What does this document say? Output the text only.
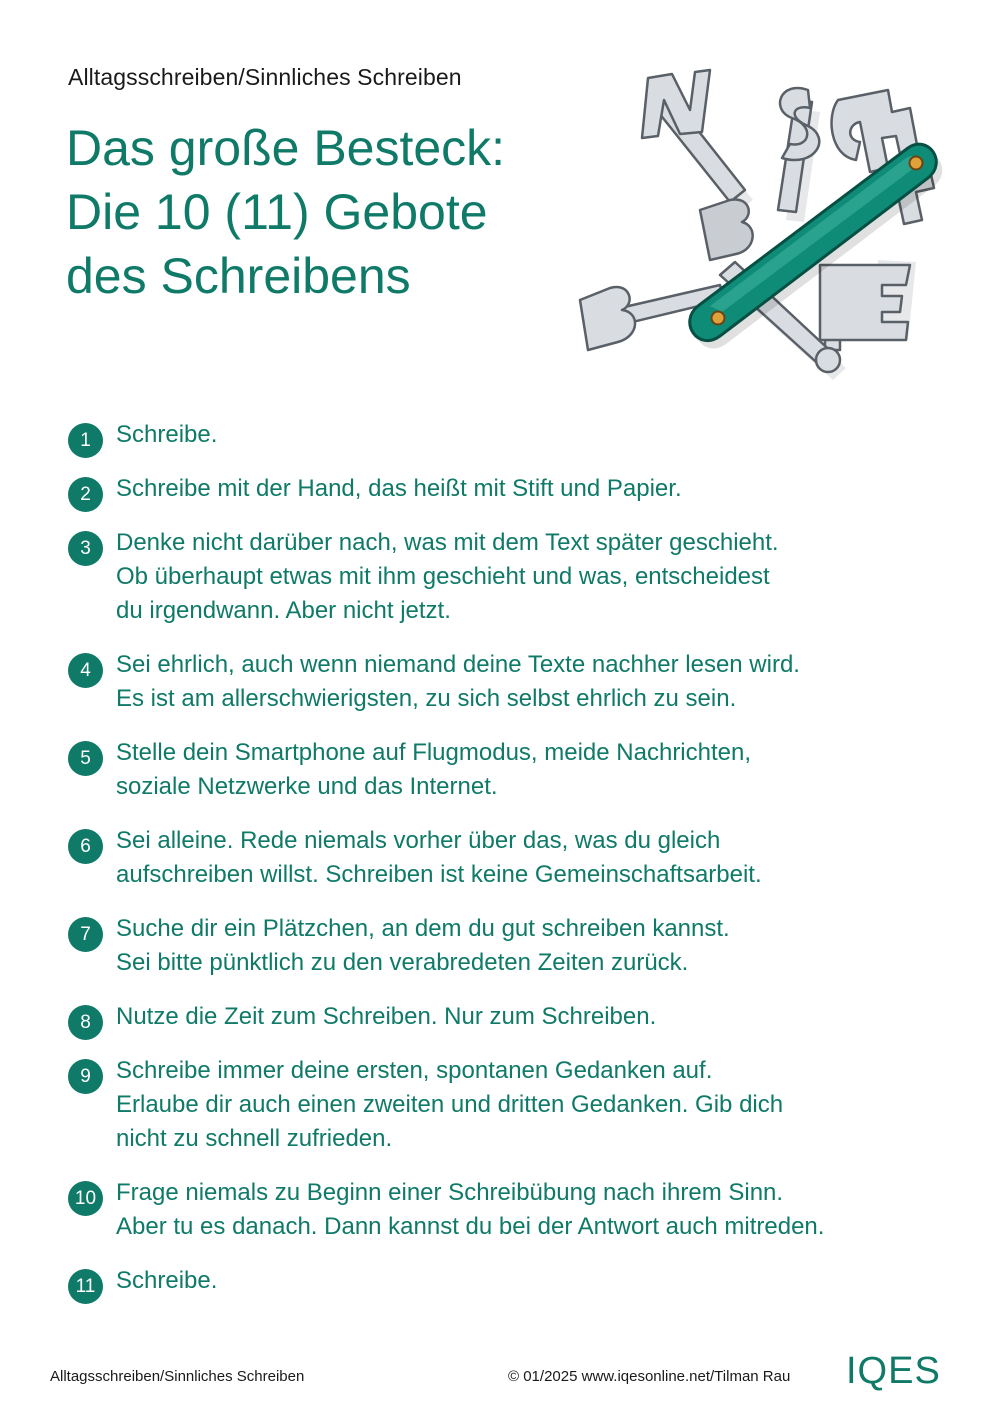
Alltagsschreiben/Sinnliches Schreiben
Das große Besteck:
Die 10 (11) Gebote
des Schreibens
1	Schreibe.
2	Schreibe mit der Hand, das heißt mit Stift und Papier.
3	Denke nicht darüber nach, was mit dem Text später geschieht.
Ob überhaupt etwas mit ihm geschieht und was, entscheidest
du irgendwann. Aber nicht jetzt.
4	Sei ehrlich, auch wenn niemand deine Texte nachher lesen wird.
Es ist am allerschwierigsten, zu sich selbst ehrlich zu sein.
5	Stelle dein Smartphone auf Flugmodus, meide Nachrichten,
soziale Netzwerke und das Internet.
6	Sei alleine. Rede niemals vorher über das, was du gleich
aufschreiben willst. Schreiben ist keine Gemeinschaftsarbeit.
7	Suche dir ein Plätzchen, an dem du gut schreiben kannst.
Sei bitte pünktlich zu den verabredeten Zeiten zurück.
8	Nutze die Zeit zum Schreiben. Nur zum Schreiben.
9	Schreibe immer deine ersten, spontanen Gedanken auf.
Erlaube dir auch einen zweiten und dritten Gedanken. Gib dich
nicht zu schnell zufrieden.
10 Frage niemals zu Beginn einer Schreibübung nach ihrem Sinn.
Aber tu es danach. Dann kannst du bei der Antwort auch mitreden.
11 Schreibe.
Alltagsschreiben/Sinnliches Schreiben	© 01/2025 www.iqesonline.net/Tilman Rau IQES
